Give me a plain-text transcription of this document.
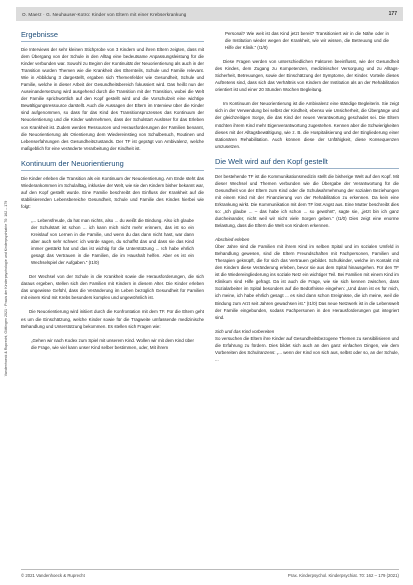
Vandenhoeck & Ruprecht, Göttingen 2021 · Praxis der Kinderpsychologie und Kinderpsychiatrie 70: 162 – 179
O. Maerz · G. Neuhauser-Kotro: Kinder von Eltern mit einer Krebserkrankung	177
Ergebnisse

Die Interviews der sehr kleinen Stichprobe von 3 Kindern und ihren Eltern zeigten, dass mit dem Übergang von der Schule in den Alltag eine bedeutsame Anpassungsleistung für die Kinder verbunden war. Sowohl zu Beginn der Kontinuität der Neuorientierung als auch in der Transition wurden Themen wie die Krankheit des Elternteils, Schule und Familie relevant. Wie in Abbildung 3 dargestellt, ergaben sich Themenfelder wie Gesundheit, Schule und Familie, welche in dieser Arbeit der Gesundheitsbereich fokussiert wird. Das heißt nun der Auseinandersetzung wird ausgehend durch die Transition mit der Transition, wobei die Welt der Familie sprichwörtlich auf den Kopf gestellt wird und die Vorschulzeit eine wichtige Bewältigungsressource darstellt. Auch die Aussagen der Eltern im Interview über die Kinder sind aufgenommen, so dass für das Kind des Transitionsprozesses das Kontinuum der Neuorientierung und die Kinder wahrnehmen, dass der Schulstart Auslöser für das Erleben von Krankheit ist. Zudem werden Ressourcen und Herausforderungen der Familien benannt, die Neuorientierung als Orientierung dem Wiedereinstieg von Schulbesuch, Routinen und Lebenserfahrungen des Gesundheitszustands. Der TF ist geprägt von Ambivalenz, welche maßgeblich für eine veränderte Verarbeitung der Kindheit ist.

Kontinuum der Neuorientierung

Die Kinder erleben die Transition als ein Kontinuum der Neuorientierung. Am Ende steht das Wiederankommen im Schulalltag, inklusive der Welt, wie sie den Kindern bisher bekannt war, auf den Kopf gestellt wurde. Eine Familie beschreibt den Einfluss der Krankheit auf die stabilisierenden Lebensbereiche Gesundheit, Schule und Familie des Kindes hierbei wie folgt:

„... Lebensfreude, da hat man nichts, also ... du weißt die Bindung. Also ich glaube der Schulstart ist schon ... ich kann mich nicht mehr erinnern, das ist so ein Kreislauf von Lernen in die Familie, und wenn du das dann nicht hast, war dann aber auch sehr schwer: ich würde sagen, du schaffst das und dass sie das Kind immer gestärkt hat und das ist wichtig für die Unterstützung ... Ich habe ehrlich gesagt das Vertrauen in die Familien, die im Haushalt helfen. Aber es ist ein Wechselspiel der Aufgaben.“ (I1/0)

Der Wechsel von der Schule in die Krankheit sowie die Herausforderungen, die sich daraus ergeben, stellen sich den Familien mit Kindern in diesem Alter. Die Kinder erleben das ungewisse Gefühl, dass die Veränderung im Leben bezüglich Gesundheit für Familien mit einem Kind mit Krebs besonders komplex und ungewöhnlich ist.

Die Neuorientierung wird initiiert durch die Konfrontation mit dem TF. Für die Eltern geht es um die Einschätzung, welche Kinder sowie für die Tragweite umfassende medizinische Behandlung und Unterstützung bekommen. Es stellen sich Fragen wie:

„Gehen wir nach Kodex zum Spiel mit unserem Kind. Wollen wir mit dem Kind über die Frage, wie viel kann unser Kind selber bestimmen, oder, Mit ihrem

Personal? Wie weit ist das Kind jetzt bereit? Transitioniert wir in die Nähe oder in die Institution wieder wegen der Krankheit, wie wir wissen, die Betreuung und die Hilfe der Klinik.“ (I1/0)

Diese Fragen werden von unterschiedlichen Faktoren beeinflusst, wie der Gesundheit des Kindes, dem Zugang zu Kompetenzen, medizinischer Versorgung und zu Alltags-Sicherheit, Betreuungen, sowie der Einschätzung der Symptome, der Kinder. Vorteile dieses Auftretens sind, dass sich das Verhältnis von Kindern der Institution als an der Rehabilitation orientiert ist und einer 20 Stunden Wochen Begleitung.

Im Kontinuum der Neuorientierung ist die Ambivalenz eine ständige Begleiterin. Sie zeigt sich in der Verwendung bei selbst der Kindheit, ebenso wie Unsicherheit, die Übergänge und der gleichzeitigen Sorge, die das Kind der neuen Verantwortung geschadet sei. Die Eltern möchten ihrem Kind mehr Eigenverantwortung zugestehen. Kennen aber die Schwierigkeiten dieses mit der Alltagsbewältigung, wie z. B. die Hospitalisierung und der Eingliederung einer stationären Rehabilitation. Auch können diese der Unfähigkeit, diese Konsequenzen umzusetzen.

Die Welt wird auf den Kopf gestellt

Der bestehende TF ist die Kommunikationsmedizin stellt die bisherige Welt auf den Kopf. Mit dieser Wechsel und Themen verbunden wie die Übergabe der Verantwortung für die Gesundheit von der Eltern zum Kind oder die Schulwahrnehmung der sozialen Beziehungen mit einem Kind mit der Finanzierung von der Rehabilitation zu erkennen. Da kein eine Erkrankung wirkt. Die Kommunikation mit dem TF löst Angst aus. Eine Mutter beschreibt dies so: „Ich glaube ... – das habe ich schon ... so gewöhnt“, sagte sie, „jetzt bin ich ganz durcheinander, nicht weil wir nicht viele Sorgen geben.“ (I1/0) Dies zeigt eine enorme Belastung, dass die Eltern die Welt von Kindern erkennen.

Abschied erleben

Über Jahre sind die Familien mit ihrem Kind im selben Spital und im sozialen Umfeld in Behandlung gewesen, sind die Eltern Freundschaften mit Fachpersonen, Familien und Therapien geknüpft, die für sich das Vertrauen gebildet. Schulkinder, welche im Kontakt mit den Kindern diese Veränderung erleben, bevor sie aus dem Spital hinausgehen. Für den TF ist die Wiedereingliederung ins soziale Netz ein wichtiger Teil. Bei Familien mit einem Kind im Klinikum sind Hilfe gefragt. Da ist auch die Frage, wie sie sich kennen zwischen, dass Sozialarbeiter im Spital besonders auf die Bedürfnisse eingehen: „Und dann ist es für mich, ich meine, ich habe ehrlich gesagt ... es sind dann schon Ereignisse, die ich meine, weil die Bindung zum Arzt seit Jahren gewachsen ist.“ (I1/0) Das neue Netzwerk ist in die Lebenswelt der Familie eingebunden, sodass Fachpersonen in den Herausforderungen gut integriert sind.

Sich und das Kind vorbereiten

So versuchen die Eltern ihre Kinder auf Gesundheitsbezogene Themen zu sensibilisieren und die Erfahrung zu fördern. Dies bildet sich auch an den ganz einfachen Dingen, wie dem Vorbereiten des Schulranzens: „... wenn der Kind von sich aus, selbst oder so, an der Schule, ...

© 2021 Vandenhoeck & Ruprecht	Prax. Kinderpsychol. Kinderpsychiat. 70: 162 – 179 (2021)
